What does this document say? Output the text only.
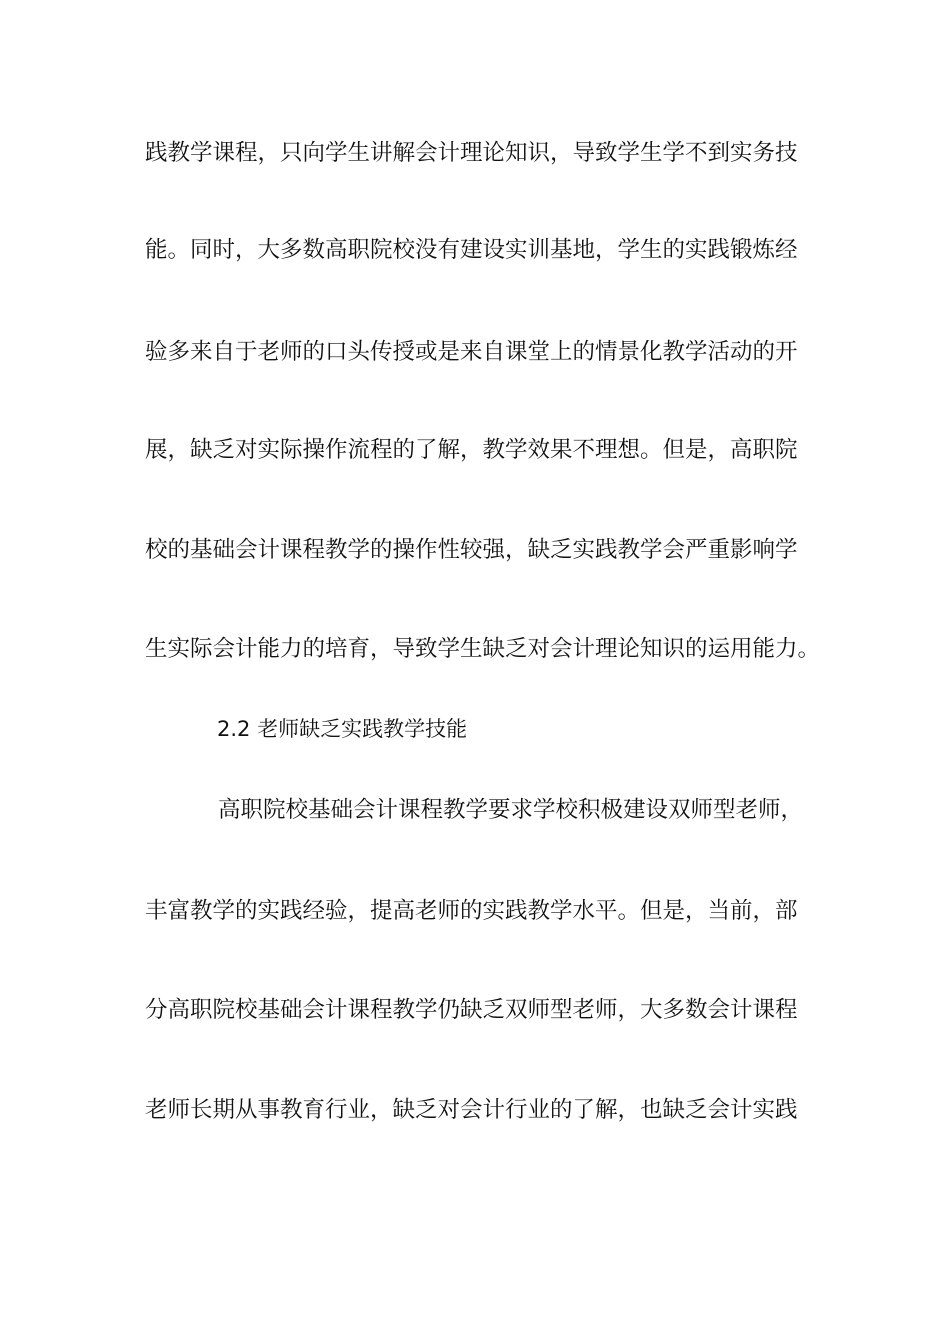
践教学课程，只向学生讲解会计理论知识，导致学生学不到实务技
能。同时，大多数高职院校没有建设实训基地，学生的实践锻炼经
验多来自于老师的口头传授或是来自课堂上的情景化教学活动的开
展，缺乏对实际操作流程的了解，教学效果不理想。但是，高职院
校的基础会计课程教学的操作性较强，缺乏实践教学会严重影响学
生实际会计能力的培育，导致学生缺乏对会计理论知识的运用能力。
2.2 老师缺乏实践教学技能
高职院校基础会计课程教学要求学校积极建设双师型老师，
丰富教学的实践经验，提高老师的实践教学水平。但是，当前，部
分高职院校基础会计课程教学仍缺乏双师型老师，大多数会计课程
老师长期从事教育行业，缺乏对会计行业的了解，也缺乏会计实践
